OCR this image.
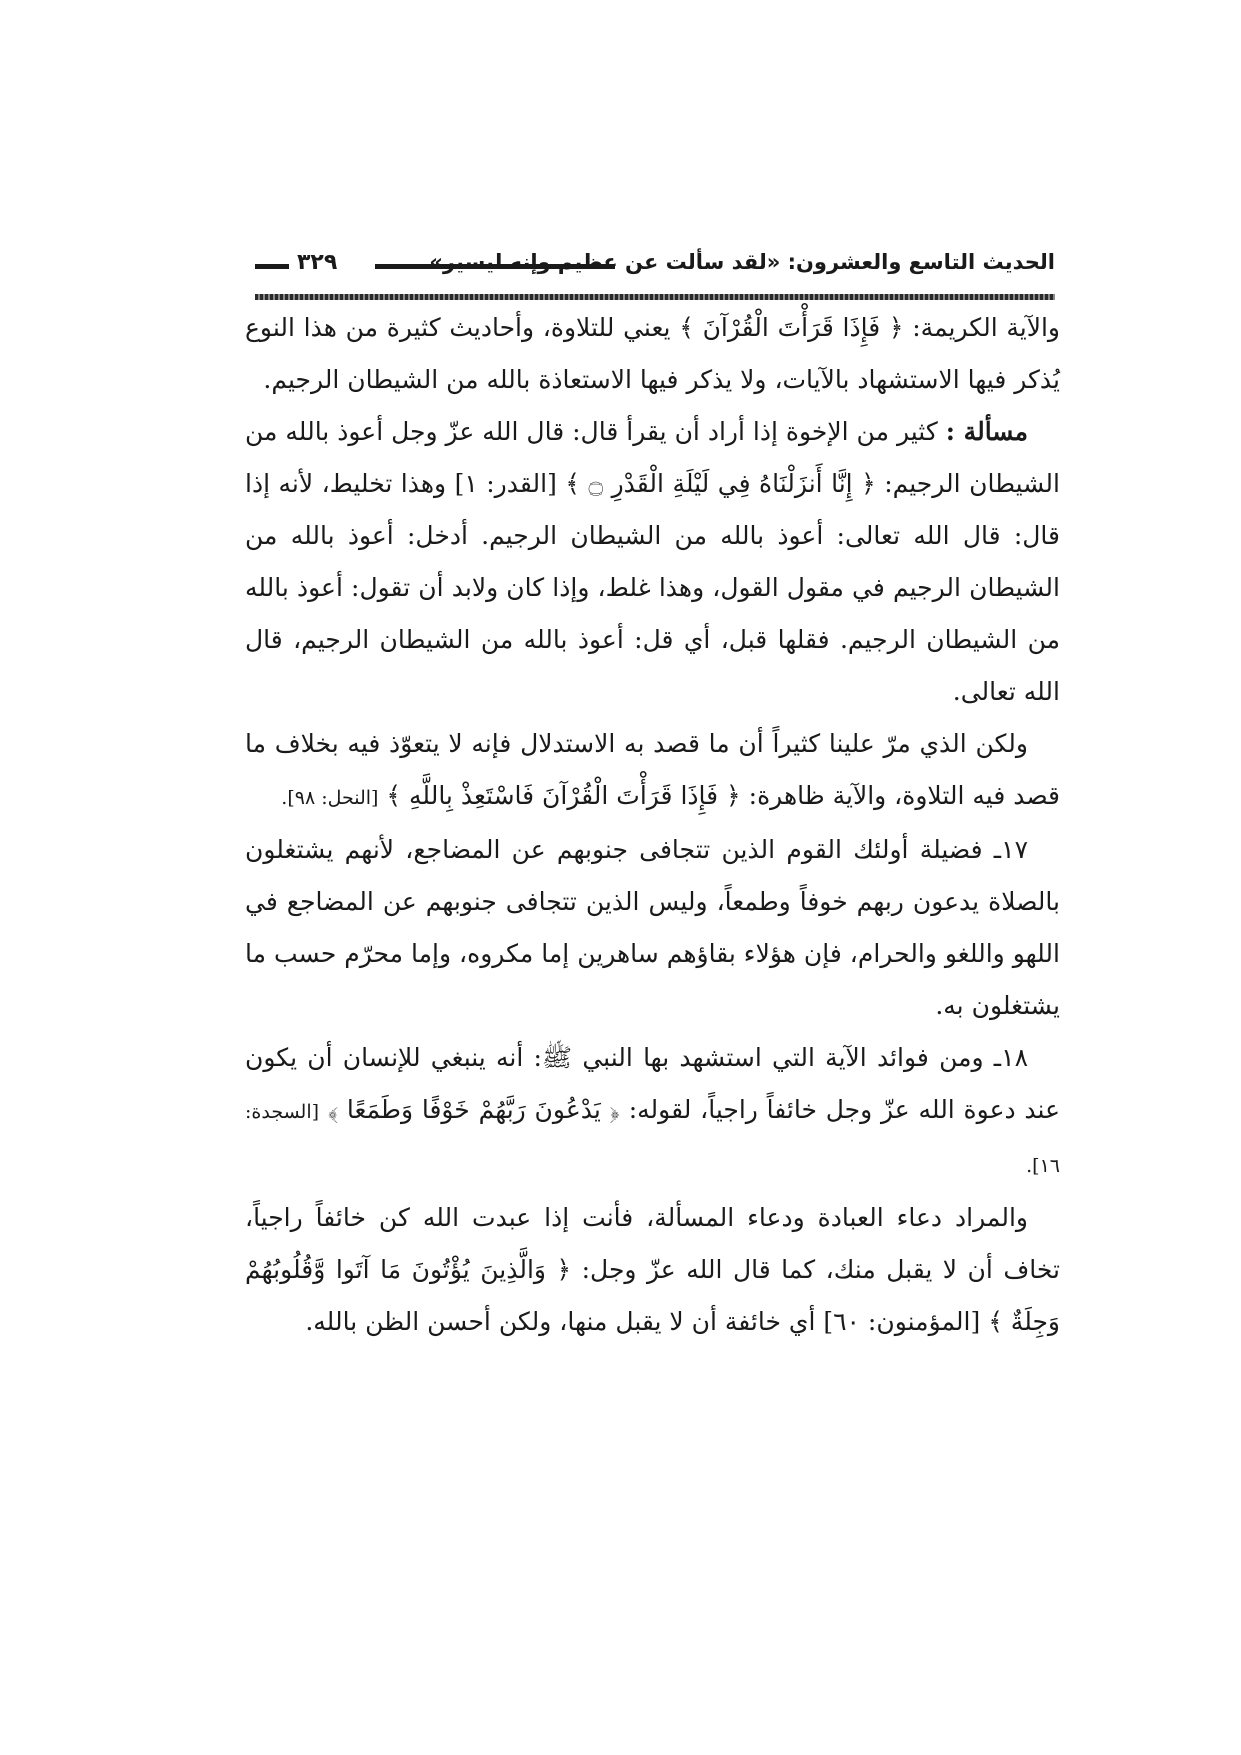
٣٢٩	الحديث التاسع والعشرون: «لقد سألت عن عظيم وإنه ليسير»

والآية الكريمة: ﴿ فَإِذَا قَرَأْتَ الْقُرْآنَ ﴾ يعني للتلاوة، وأحاديث كثيرة من هذا النوع يُذكر فيها الاستشهاد بالآيات، ولا يذكر فيها الاستعاذة بالله من الشيطان الرجيم.

مسألة : كثير من الإخوة إذا أراد أن يقرأ قال: قال الله عزّ وجل أعوذ بالله من الشيطان الرجيم: ﴿ إِنَّا أَنزَلْنَاهُ فِي لَيْلَةِ الْقَدْرِ ۝ ﴾ [القدر: ١] وهذا تخليط، لأنه إذا قال: قال الله تعالى: أعوذ بالله من الشيطان الرجيم. أدخل: أعوذ بالله من الشيطان الرجيم في مقول القول، وهذا غلط، وإذا كان ولابد أن تقول: أعوذ بالله من الشيطان الرجيم. فقلها قبل، أي قل: أعوذ بالله من الشيطان الرجيم، قال الله تعالى.

ولكن الذي مرّ علينا كثيراً أن ما قصد به الاستدلال فإنه لا يتعوّذ فيه بخلاف ما قصد فيه التلاوة، والآية ظاهرة: ﴿ فَإِذَا قَرَأْتَ الْقُرْآنَ فَاسْتَعِذْ بِاللَّهِ ﴾ [النحل: ٩٨].

١٧ـ فضيلة أولئك القوم الذين تتجافى جنوبهم عن المضاجع، لأنهم يشتغلون بالصلاة يدعون ربهم خوفاً وطمعاً، وليس الذين تتجافى جنوبهم عن المضاجع في اللهو واللغو والحرام، فإن هؤلاء بقاؤهم ساهرين إما مكروه، وإما محرّم حسب ما يشتغلون به.

١٨ـ ومن فوائد الآية التي استشهد بها النبي ﷺ: أنه ينبغي للإنسان أن يكون عند دعوة الله عزّ وجل خائفاً راجياً، لقوله: ﴿ يَدْعُونَ رَبَّهُمْ خَوْفًا وَطَمَعًا ﴾ [السجدة: ١٦].

والمراد دعاء العبادة ودعاء المسألة، فأنت إذا عبدت الله كن خائفاً راجياً، تخاف أن لا يقبل منك، كما قال الله عزّ وجل: ﴿ وَالَّذِينَ يُؤْتُونَ مَا آتَوا وَّقُلُوبُهُمْ وَجِلَةٌ ﴾ [المؤمنون: ٦٠] أي خائفة أن لا يقبل منها، ولكن أحسن الظن بالله.
